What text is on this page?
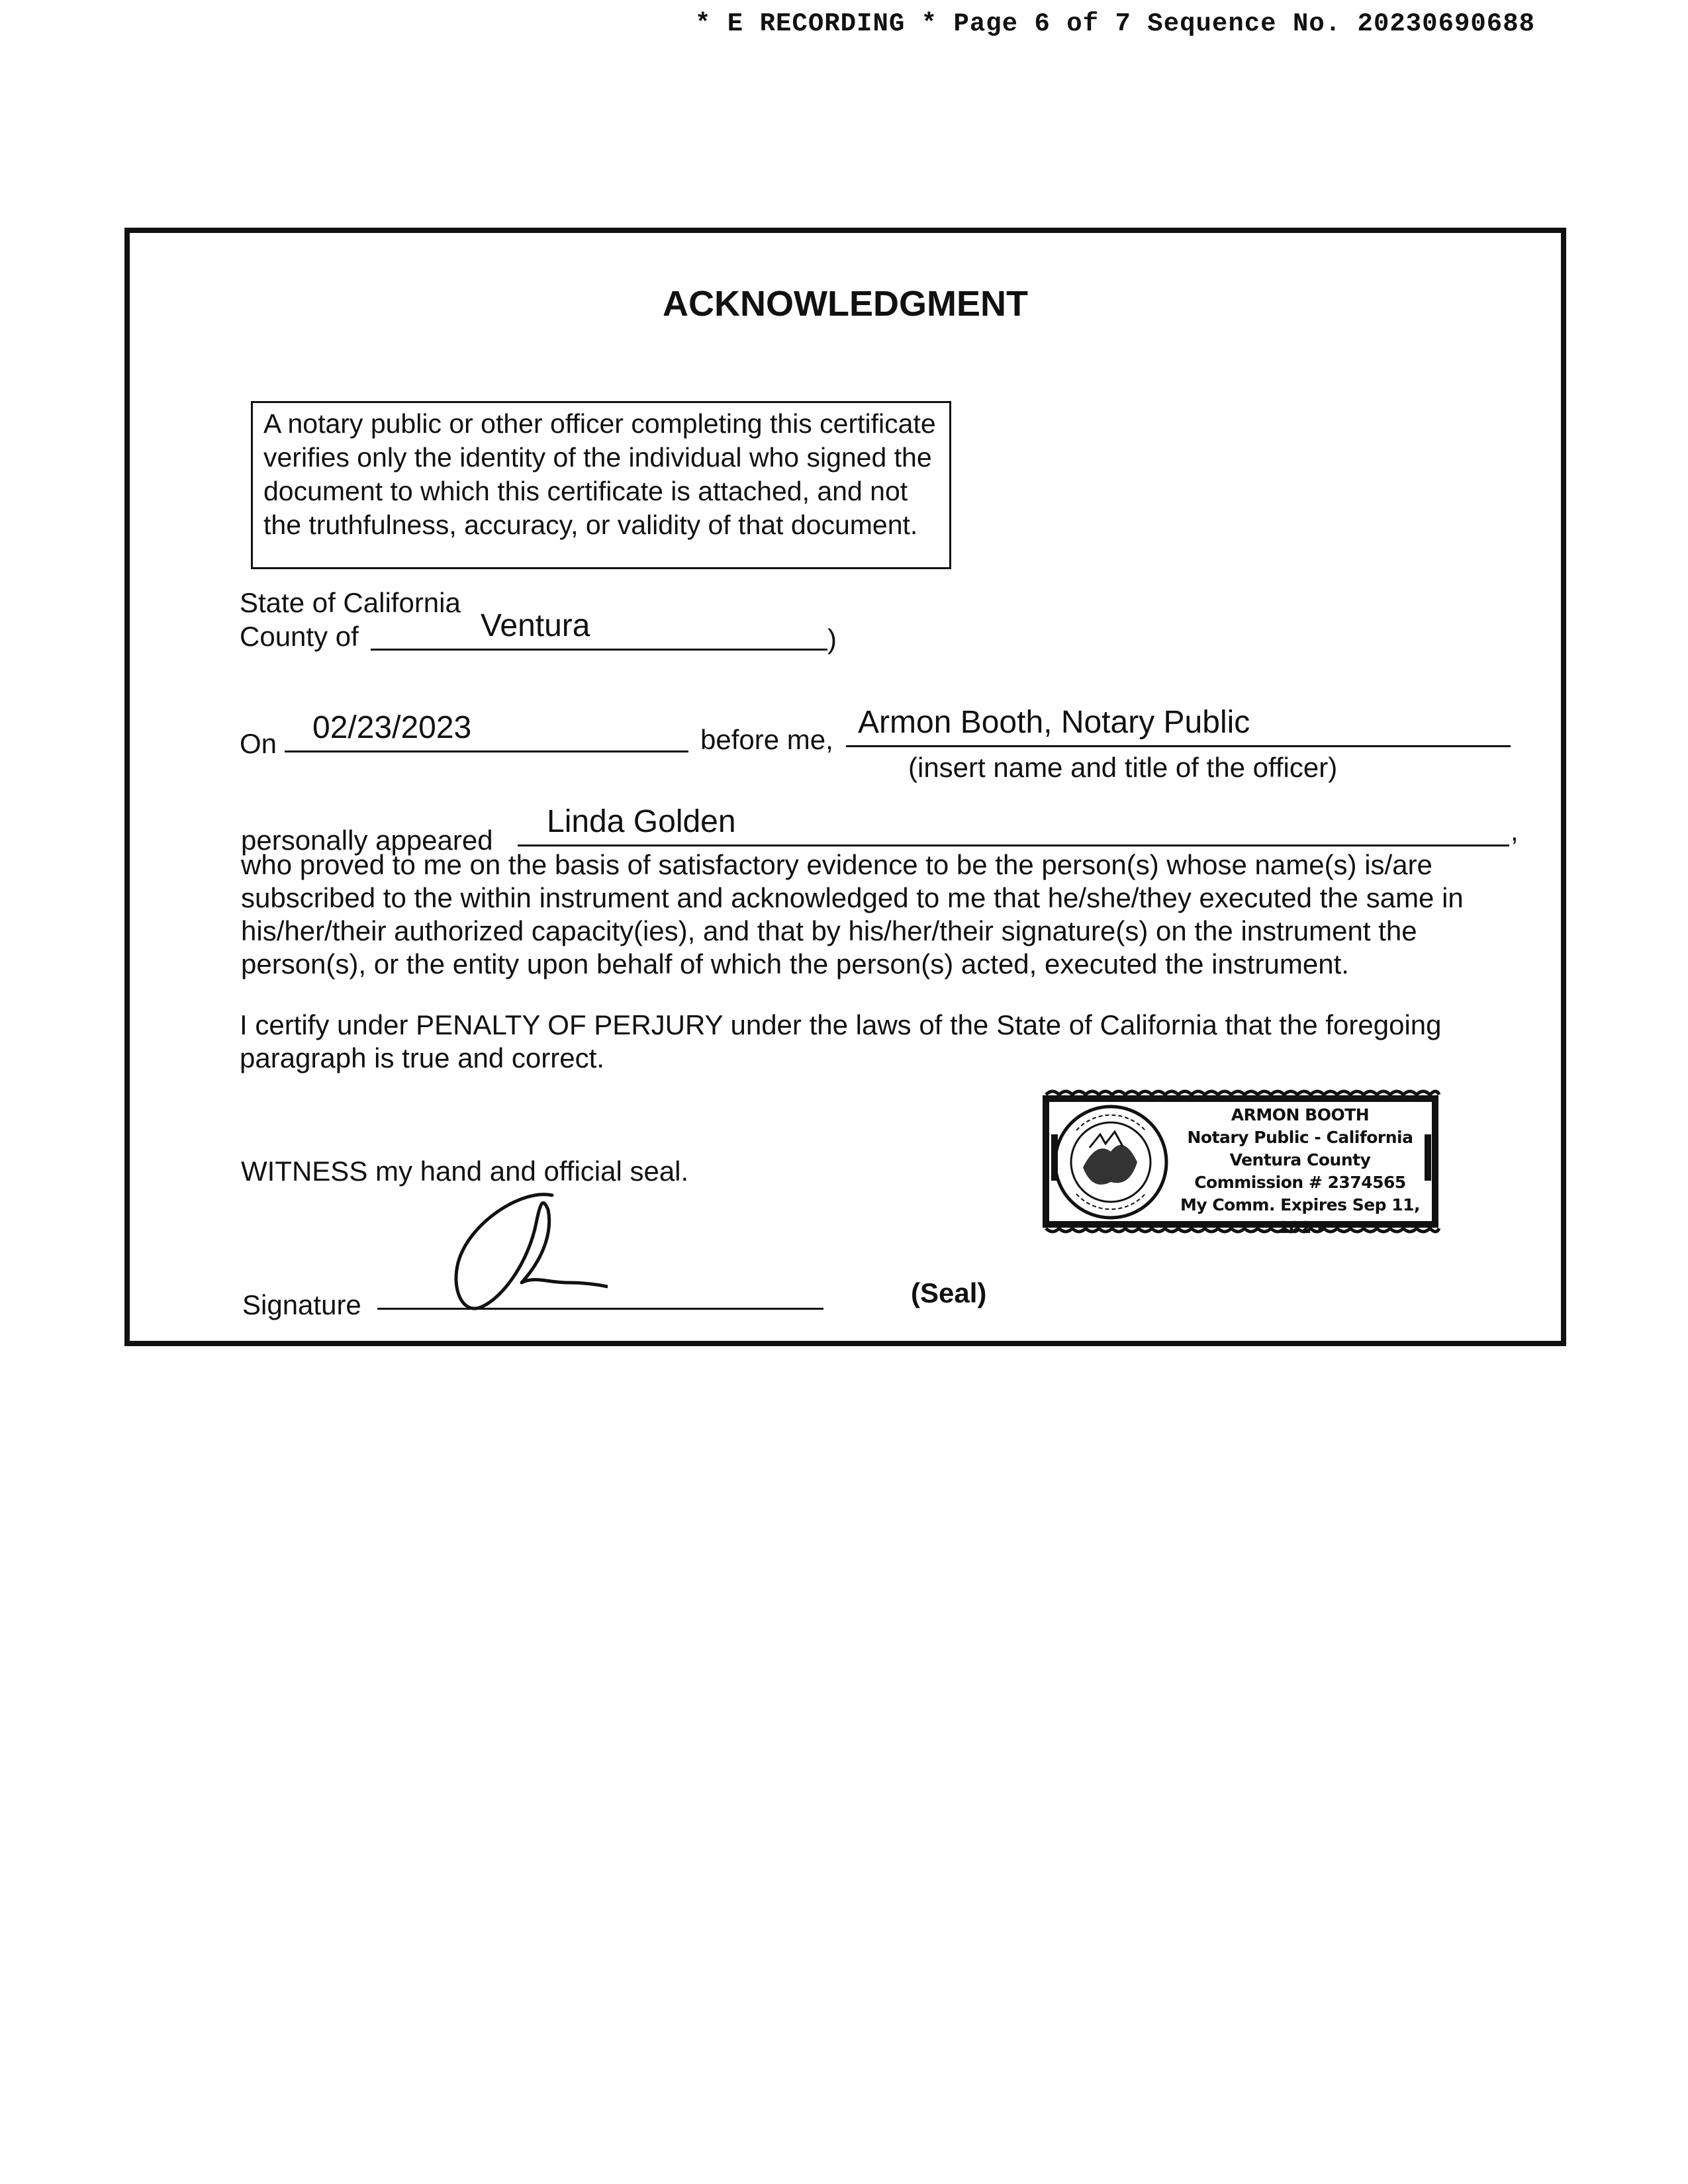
* E RECORDING * Page 6 of 7 Sequence No. 20230690688
ACKNOWLEDGMENT
A notary public or other officer completing this certificate verifies only the identity of the individual who signed the document to which this certificate is attached, and not the truthfulness, accuracy, or validity of that document.
State of California
County of	Ventura	)
On 02/23/2023	before me, Armon Booth, Notary Public
(insert name and title of the officer)
personally appeared
Linda Golden	,
who proved to me on the basis of satisfactory evidence to be the person(s) whose name(s) is/are subscribed to the within instrument and acknowledged to me that he/she/they executed the same in his/her/their authorized capacity(ies), and that by his/her/their signature(s) on the instrument the person(s), or the entity upon behalf of which the person(s) acted, executed the instrument.
I certify under PENALTY OF PERJURY under the laws of the State of California that the foregoing paragraph is true and correct.
WITNESS my hand and official seal.
Signature	(Seal)
ARMON BOOTH
Notary Public - California
Ventura County
Commission # 2374565
My Comm. Expires Sep 11, 2025
